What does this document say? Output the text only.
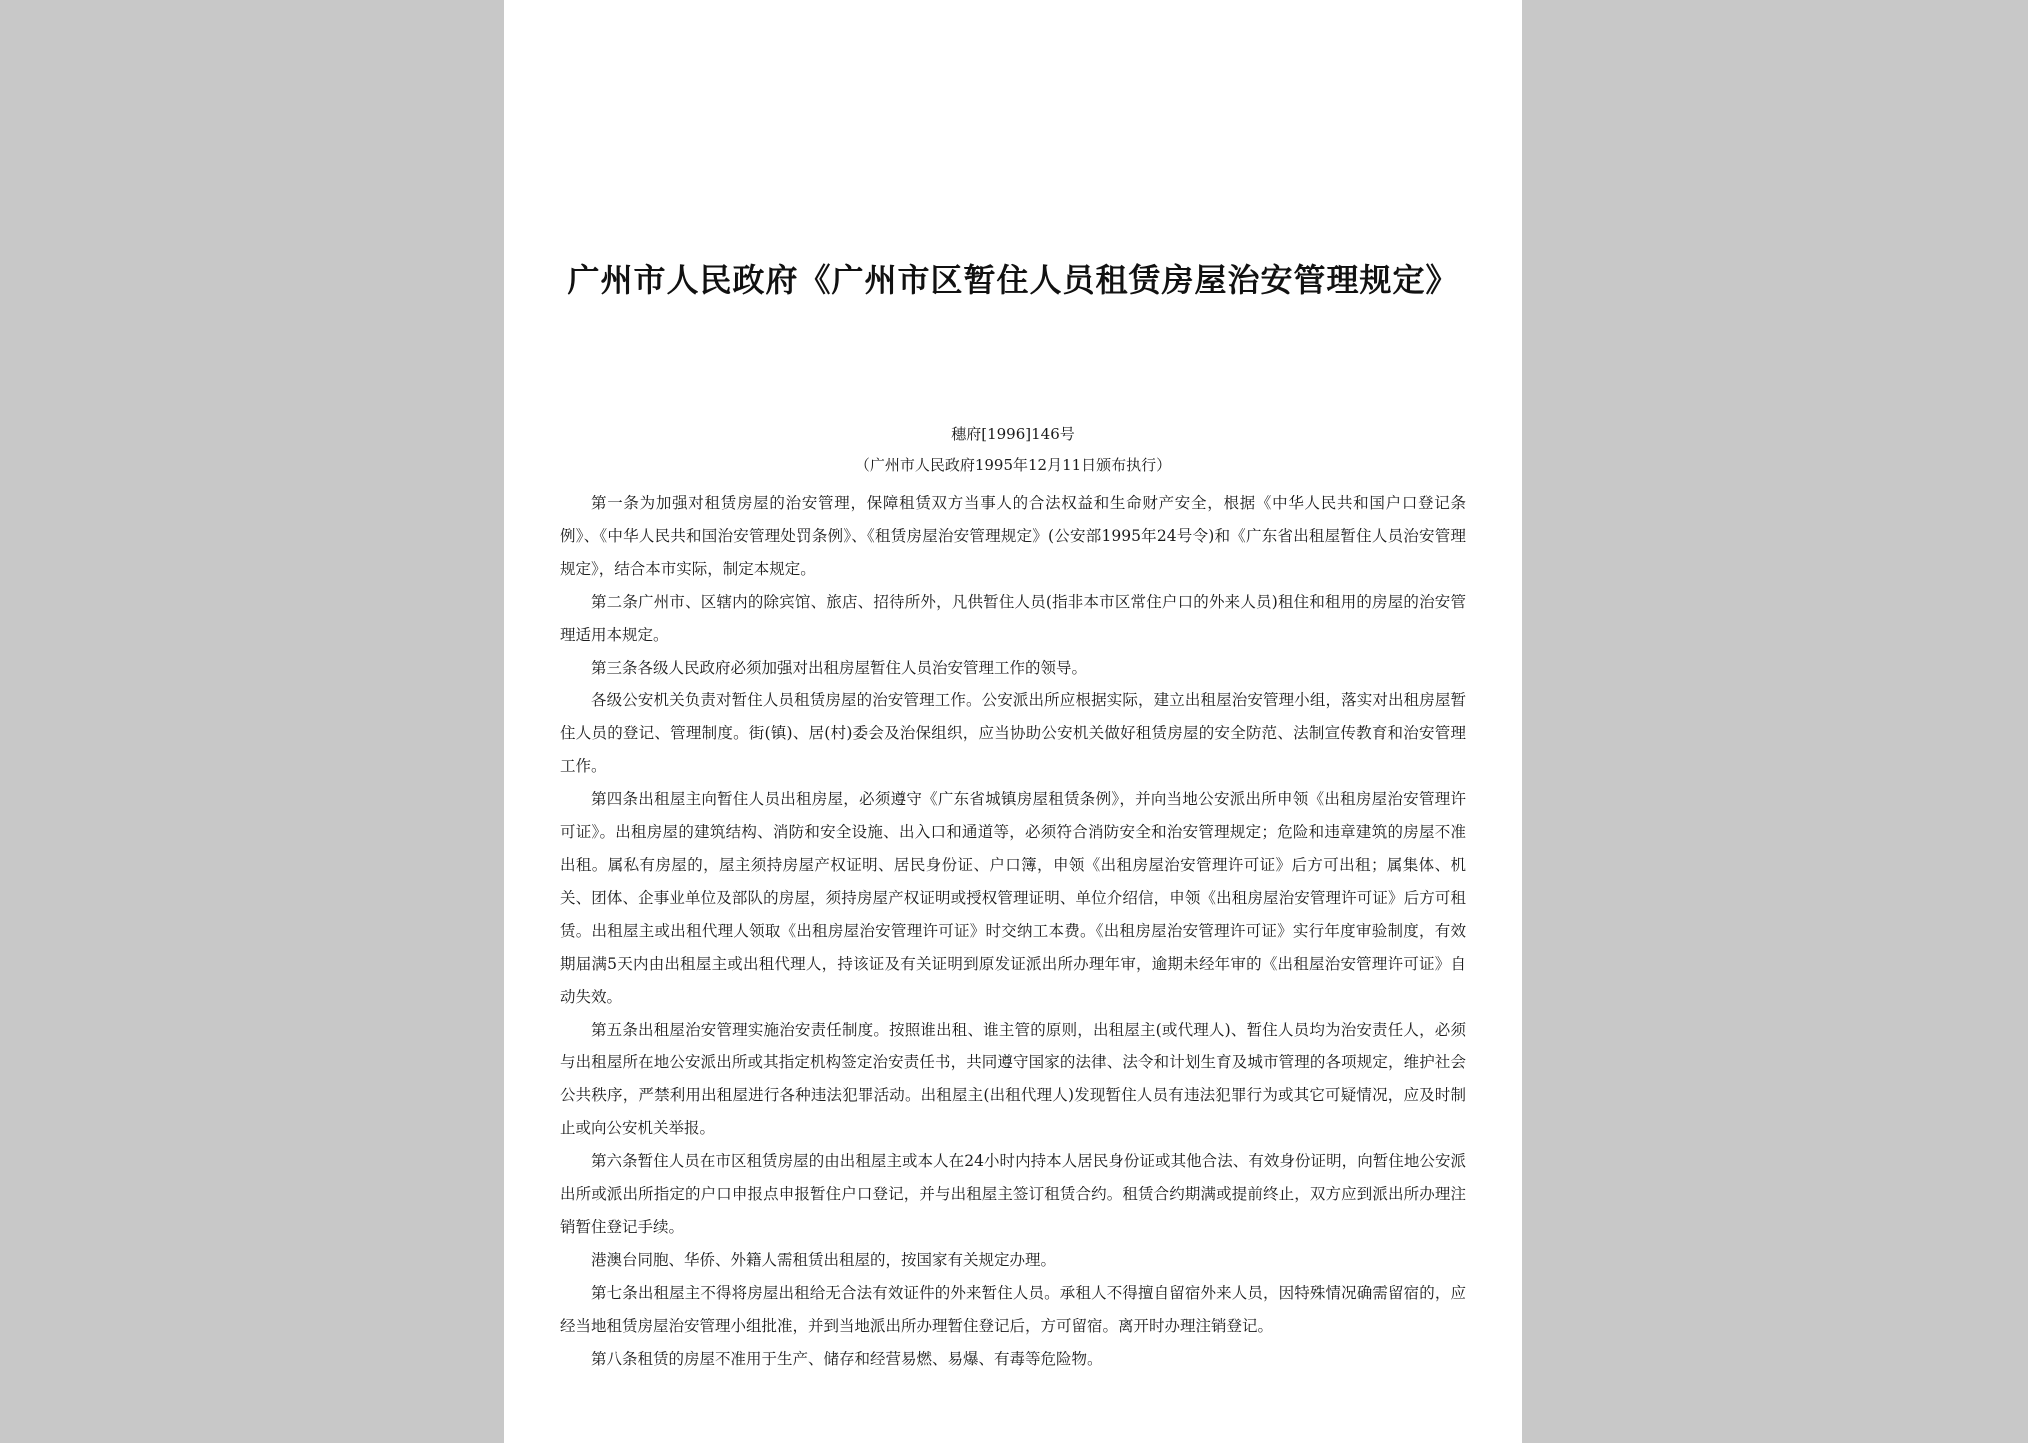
广州市人民政府《广州市区暂住人员租赁房屋治安管理规定》
穗府[1996]146号
（广州市人民政府1995年12月11日颁布执行）

第一条为加强对租赁房屋的治安管理，保障租赁双方当事人的合法权益和生命财产安全，根据《中华人民共和国户口登记条例》、《中华人民共和国治安管理处罚条例》、《租赁房屋治安管理规定》(公安部1995年24号令)和《广东省出租屋暂住人员治安管理规定》，结合本市实际，制定本规定。

第二条广州市、区辖内的除宾馆、旅店、招待所外，凡供暂住人员(指非本市区常住户口的外来人员)租住和租用的房屋的治安管理适用本规定。

第三条各级人民政府必须加强对出租房屋暂住人员治安管理工作的领导。

各级公安机关负责对暂住人员租赁房屋的治安管理工作。公安派出所应根据实际，建立出租屋治安管理小组，落实对出租房屋暂住人员的登记、管理制度。街(镇)、居(村)委会及治保组织，应当协助公安机关做好租赁房屋的安全防范、法制宣传教育和治安管理工作。

第四条出租屋主向暂住人员出租房屋，必须遵守《广东省城镇房屋租赁条例》，并向当地公安派出所申领《出租房屋治安管理许可证》。出租房屋的建筑结构、消防和安全设施、出入口和通道等，必须符合消防安全和治安管理规定；危险和违章建筑的房屋不准出租。属私有房屋的，屋主须持房屋产权证明、居民身份证、户口簿，申领《出租房屋治安管理许可证》后方可出租；属集体、机关、团体、企事业单位及部队的房屋，须持房屋产权证明或授权管理证明、单位介绍信，申领《出租房屋治安管理许可证》后方可租赁。出租屋主或出租代理人领取《出租房屋治安管理许可证》时交纳工本费。《出租房屋治安管理许可证》实行年度审验制度，有效期届满5天内由出租屋主或出租代理人，持该证及有关证明到原发证派出所办理年审，逾期未经年审的《出租屋治安管理许可证》自动失效。

第五条出租屋治安管理实施治安责任制度。按照谁出租、谁主管的原则，出租屋主(或代理人)、暂住人员均为治安责任人，必须与出租屋所在地公安派出所或其指定机构签定治安责任书，共同遵守国家的法律、法令和计划生育及城市管理的各项规定，维护社会公共秩序，严禁利用出租屋进行各种违法犯罪活动。出租屋主(出租代理人)发现暂住人员有违法犯罪行为或其它可疑情况，应及时制止或向公安机关举报。

第六条暂住人员在市区租赁房屋的由出租屋主或本人在24小时内持本人居民身份证或其他合法、有效身份证明，向暂住地公安派出所或派出所指定的户口申报点申报暂住户口登记，并与出租屋主签订租赁合约。租赁合约期满或提前终止，双方应到派出所办理注销暂住登记手续。

港澳台同胞、华侨、外籍人需租赁出租屋的，按国家有关规定办理。

第七条出租屋主不得将房屋出租给无合法有效证件的外来暂住人员。承租人不得擅自留宿外来人员，因特殊情况确需留宿的，应经当地租赁房屋治安管理小组批准，并到当地派出所办理暂住登记后，方可留宿。离开时办理注销登记。

第八条租赁的房屋不准用于生产、储存和经营易燃、易爆、有毒等危险物。
